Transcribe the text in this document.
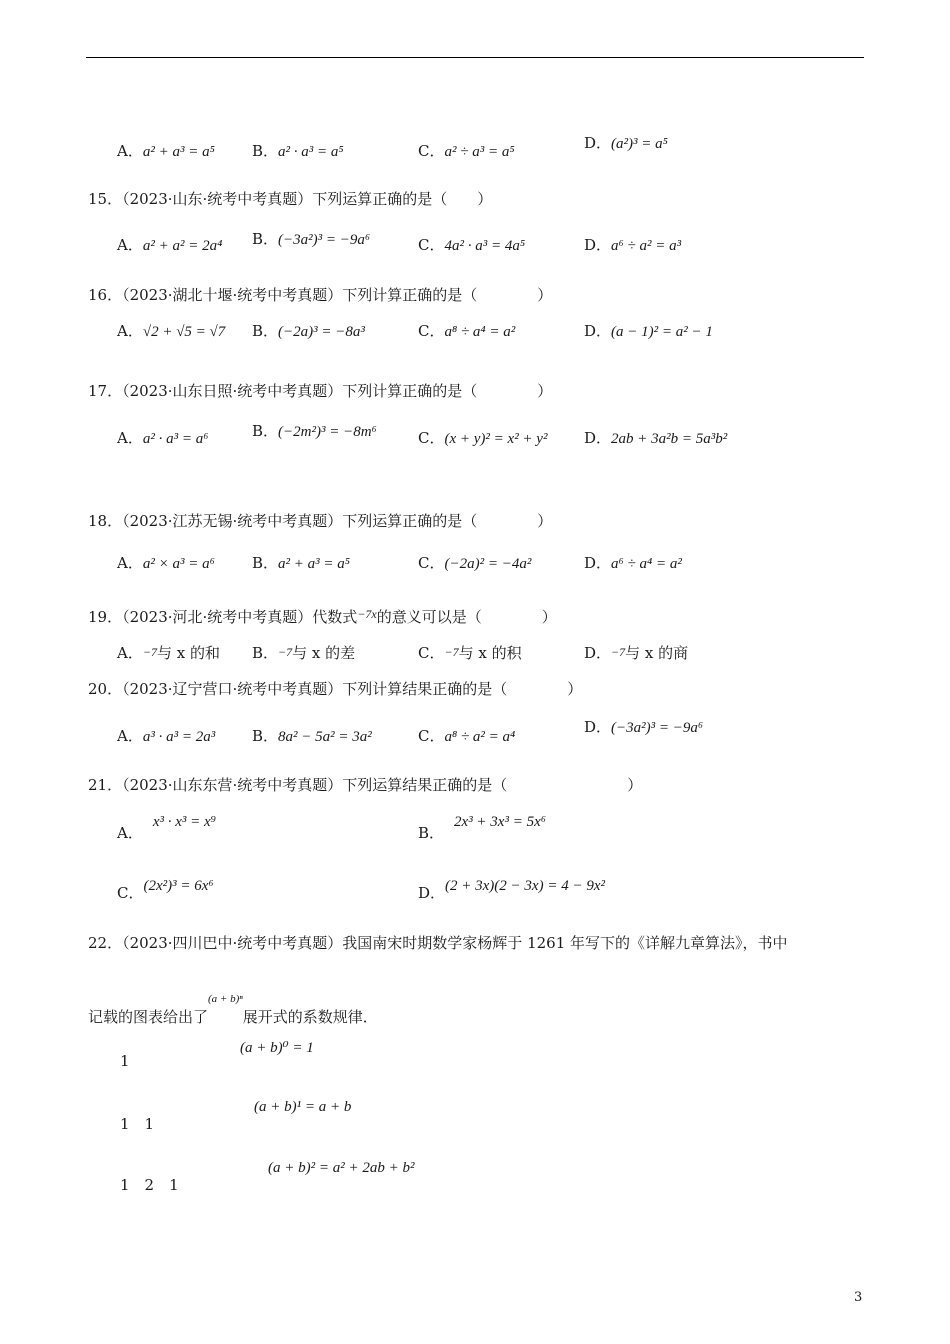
A．a² + a³ = a⁵ B．a² · a³ = a⁵	C．a² ÷ a³ = a⁵	D．(a²)³ = a⁵
15．（2023·山东·统考中考真题）下列运算正确的是（　　）
A．a² + a² = 2a⁴ B．(−3a²)³ = −9a⁶	C．4a² · a³ = 4a⁵	D．a⁶ ÷ a² = a³
16．（2023·湖北十堰·统考中考真题）下列计算正确的是（　　　　）
A．√2 + √5 = √7 B．(−2a)³ = −8a³	C．a⁸ ÷ a⁴ = a²	D．(a − 1)² = a² − 1
17．（2023·山东日照·统考中考真题）下列计算正确的是（　　　　）
A．a² · a³ = a⁶	B．(−2m²)³ = −8m⁶	C．(x + y)² = x² + y² D．2ab + 3a²b = 5a³b²
18．（2023·江苏无锡·统考中考真题）下列运算正确的是（　　　　）
A．a² × a³ = a⁶ B．a² + a³ = a⁵	C．(−2a)² = −4a²	D．a⁶ ÷ a⁴ = a²
19．（2023·河北·统考中考真题）代数式$^{-7x}$的意义可以是（　　　　）
A．−7与 x 的和 B．−7与 x 的差	C．−7与 x 的积	D．−7与 x 的商
20．（2023·辽宁营口·统考中考真题）下列计算结果正确的是（　　　　）
A．a³ · a³ = 2a³ B．8a² − 5a² = 3a²	C．a⁸ ÷ a² = a⁴
D．(−3a²)³ = −9a⁶
21．（2023·山东东营·统考中考真题）下列运算结果正确的是（　　　　　　　　）
A．x³ · x³ = x⁹
B．2x³ + 3x³ = 5x⁶
C．(2x²)³ = 6x⁶	D．(2 + 3x)(2 − 3x) = 4 − 9x²
22．（2023·四川巴中·统考中考真题）我国南宋时期数学家杨辉于 1261 年写下的《详解九章算法》，书中
记载的图表给出了$^{(a + b)^n}$展开式的系数规律．
1
(a + b)⁰ = 1
1　1
(a + b)¹ = a + b
1　2　1
(a + b)² = a² + 2ab + b²
3
